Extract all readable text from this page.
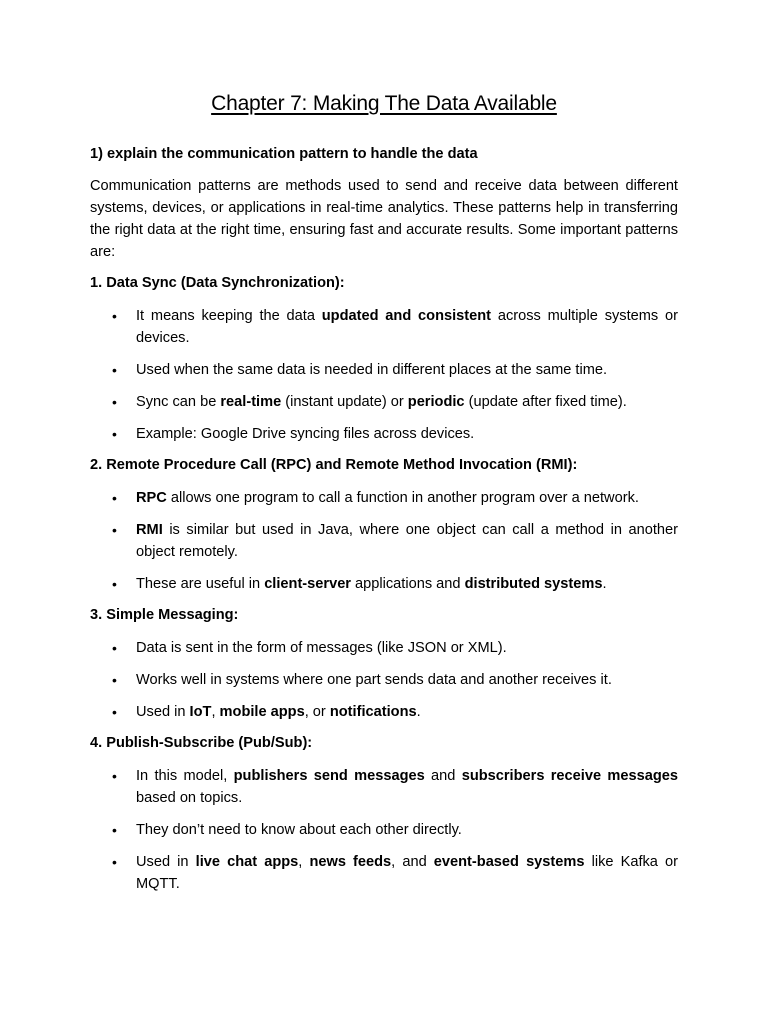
Chapter 7: Making The Data Available
1) explain the communication pattern to handle the data

Communication patterns are methods used to send and receive data between different systems, devices, or applications in real-time analytics. These patterns help in transferring the right data at the right time, ensuring fast and accurate results. Some important patterns are:

1. Data Sync (Data Synchronization):
• It means keeping the data updated and consistent across multiple systems or devices.
• Used when the same data is needed in different places at the same time.
• Sync can be real-time (instant update) or periodic (update after fixed time).
• Example: Google Drive syncing files across devices.
2. Remote Procedure Call (RPC) and Remote Method Invocation (RMI):
• RPC allows one program to call a function in another program over a network.
• RMI is similar but used in Java, where one object can call a method in another object remotely.
• These are useful in client-server applications and distributed systems.
3. Simple Messaging:
• Data is sent in the form of messages (like JSON or XML).
• Works well in systems where one part sends data and another receives it.
• Used in IoT, mobile apps, or notifications.
4. Publish-Subscribe (Pub/Sub):
• In this model, publishers send messages and subscribers receive messages based on topics.
• They don’t need to know about each other directly.
• Used in live chat apps, news feeds, and event-based systems like Kafka or MQTT.
